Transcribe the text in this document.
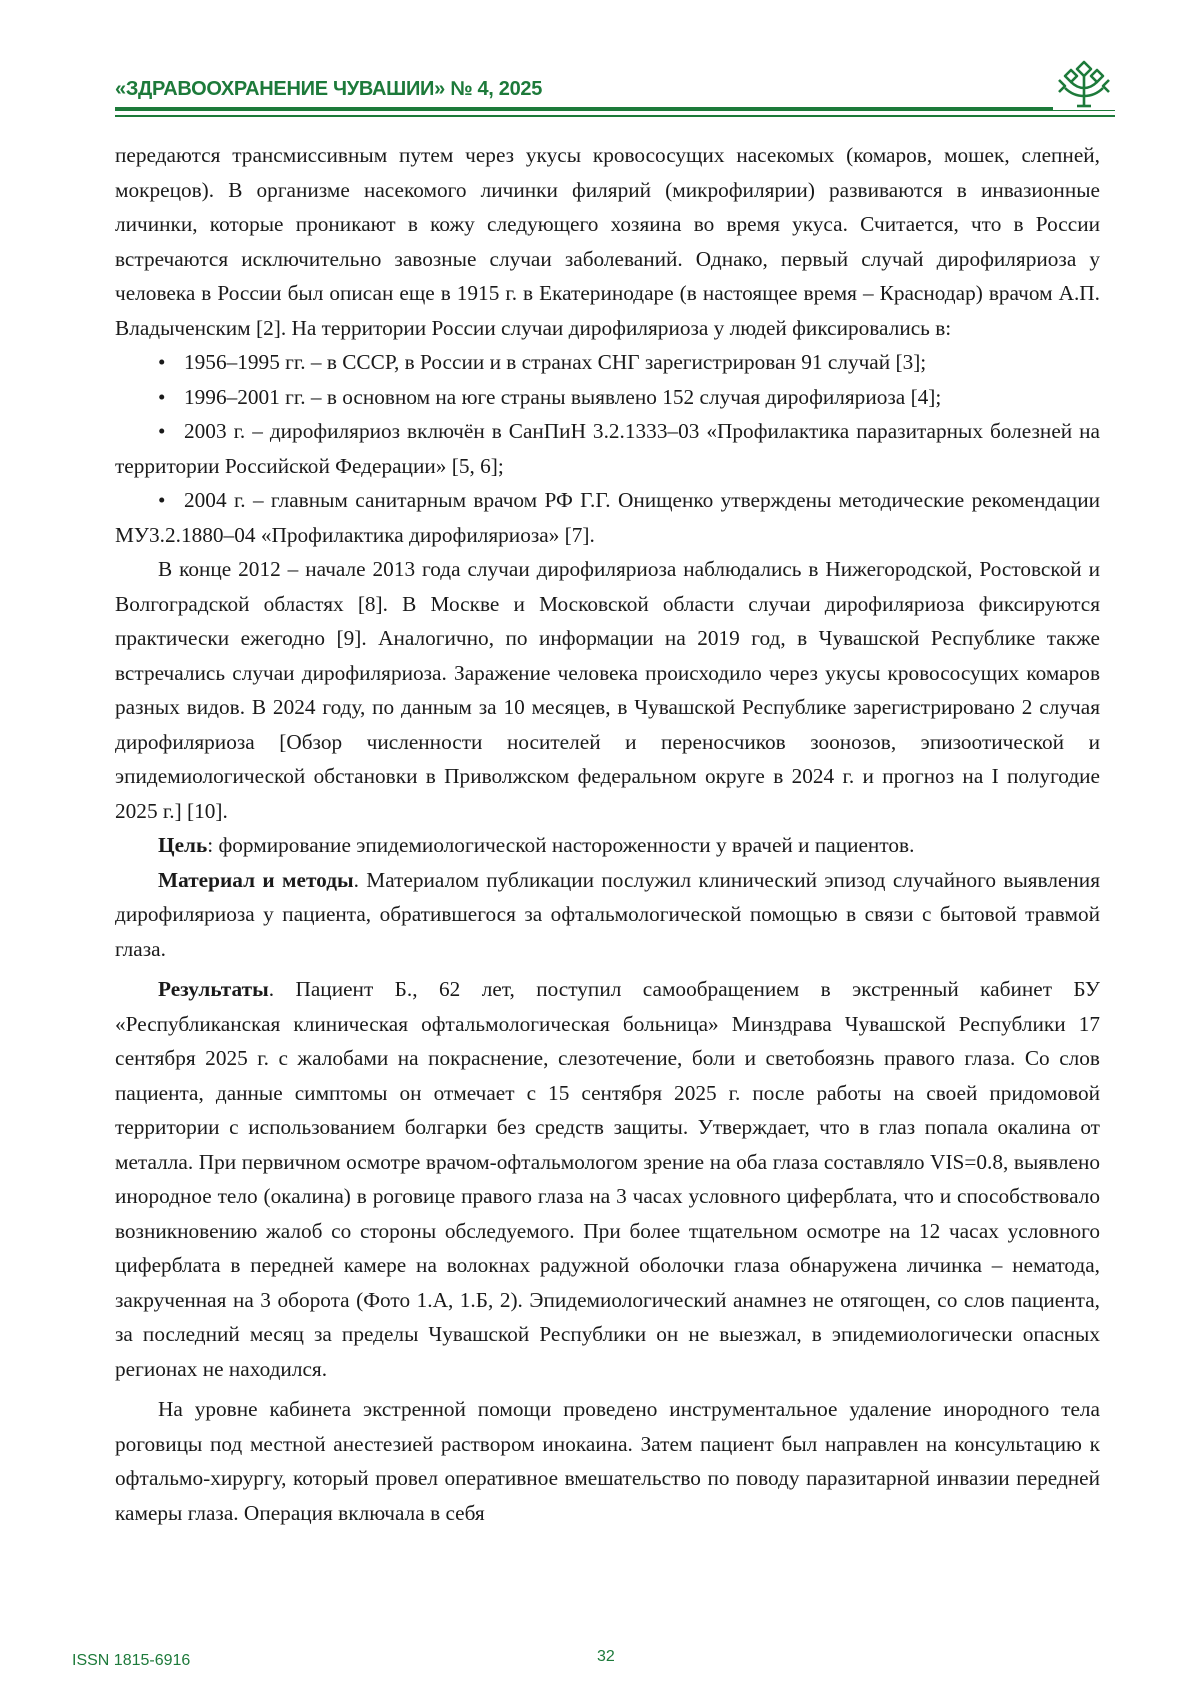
«ЗДРАВООХРАНЕНИЕ ЧУВАШИИ» № 4, 2025

передаются трансмиссивным путем через укусы кровососущих насекомых (комаров, мошек, слепней, мокрецов). В организме насекомого личинки филярий (микрофилярии) развиваются в инвазионные личинки, которые проникают в кожу следующего хозяина во время укуса. Считается, что в России встречаются исключительно завозные случаи заболеваний. Однако, первый случай дирофиляриоза у человека в России был описан еще в 1915 г. в Екатеринодаре (в настоящее время – Краснодар) врачом А.П. Владыченским [2]. На территории России случаи дирофиляриоза у людей фиксировались в:

• 1956–1995 гг. – в СССР, в России и в странах СНГ зарегистрирован 91 случай [3];

• 1996–2001 гг. – в основном на юге страны выявлено 152 случая дирофиляриоза [4];

• 2003 г. – дирофиляриоз включён в СанПиН 3.2.1333–03 «Профилактика паразитарных болезней на территории Российской Федерации» [5, 6];

• 2004 г. – главным санитарным врачом РФ Г.Г. Онищенко утверждены методические рекомендации МУ3.2.1880–04 «Профилактика дирофиляриоза» [7].

В конце 2012 – начале 2013 года случаи дирофиляриоза наблюдались в Нижегородской, Ростовской и Волгоградской областях [8]. В Москве и Московской области случаи дирофиляриоза фиксируются практически ежегодно [9]. Аналогично, по информации на 2019 год, в Чувашской Республике также встречались случаи дирофиляриоза. Заражение человека происходило через укусы кровососущих комаров разных видов. В 2024 году, по данным за 10 месяцев, в Чувашской Республике зарегистрировано 2 случая дирофиляриоза [Обзор численности носителей и переносчиков зоонозов, эпизоотической и эпидемиологической обстановки в Приволжском федеральном округе в 2024 г. и прогноз на I полугодие 2025 г.] [10].

Цель: формирование эпидемиологической настороженности у врачей и пациентов.

Материал и методы. Материалом публикации послужил клинический эпизод случайного выявления дирофиляриоза у пациента, обратившегося за офтальмологической помощью в связи с бытовой травмой глаза.

Результаты. Пациент Б., 62 лет, поступил самообращением в экстренный кабинет БУ «Республиканская клиническая офтальмологическая больница» Минздрава Чувашской Республики 17 сентября 2025 г. с жалобами на покраснение, слезотечение, боли и светобоязнь правого глаза. Со слов пациента, данные симптомы он отмечает с 15 сентября 2025 г. после работы на своей придомовой территории с использованием болгарки без средств защиты. Утверждает, что в глаз попала окалина от металла. При первичном осмотре врачом-офтальмологом зрение на оба глаза составляло VIS=0.8, выявлено инородное тело (окалина) в роговице правого глаза на 3 часах условного циферблата, что и способствовало возникновению жалоб со стороны обследуемого. При более тщательном осмотре на 12 часах условного циферблата в передней камере на волокнах радужной оболочки глаза обнаружена личинка – нематода, закрученная на 3 оборота (Фото 1.А, 1.Б, 2). Эпидемиологический анамнез не отягощен, со слов пациента, за последний месяц за пределы Чувашской Республики он не выезжал, в эпидемиологически опасных регионах не находился.

На уровне кабинета экстренной помощи проведено инструментальное удаление инородного тела роговицы под местной анестезией раствором инокаина. Затем пациент был направлен на консультацию к офтальмо-хирургу, который провел оперативное вмешательство по поводу паразитарной инвазии передней камеры глаза. Операция включала в себя

ISSN 1815-6916	32
